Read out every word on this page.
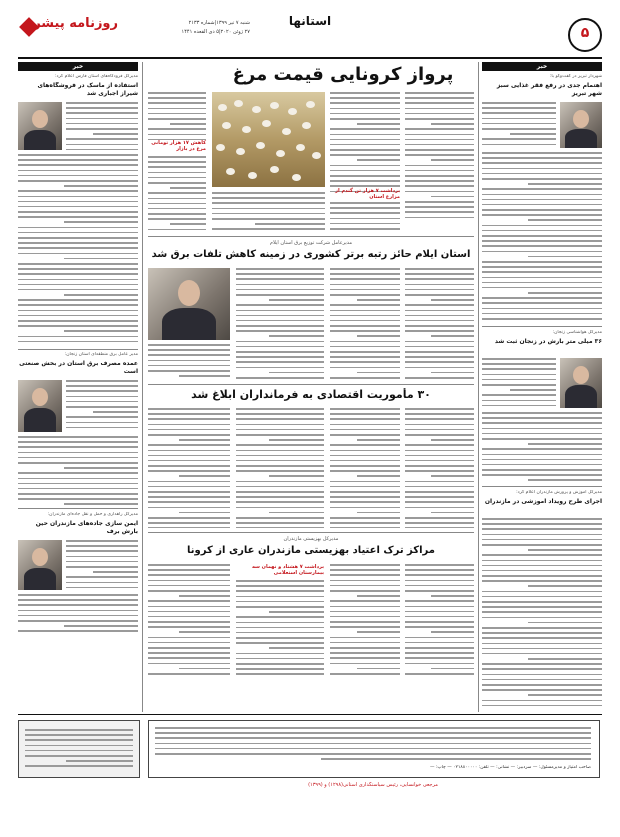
روزنامه پیشرو	شنبه ۷ تیر ۱۳۹۹|شماره ۲۱۳۳
۲۷ ژوئن ۲۰۲۰|۵ ذی القعده ۱۴۴۱
استانها
۵
خبر	خبر
پرواز کرونایی قیمت مرغ
برداشت ۷ هزار تن گندم از مزارع استان
کاهش ۱۷ هزار تومانی مرغ در بازار
مدیرکل فرودگاه‌های استان فارس اعلام کرد:
استفاده از ماسک در فروشگاه‌های شیراز اجباری شد
مدیر عامل برق منطقه‌ای استان زنجان:
عمده مصرف برق استان در بخش صنعتی است
مدیرکل راهداری و حمل و نقل جاده‌ای مازندران:
ایمن سازی جاده‌های مازندران حین بارش برف
شهردار تبریز در گفت‌وگو با:
اهتمام جدی در رفع فقر غذایی سبز شهر تبریز
مدیرکل هواشناسی زنجان:
۳۶ میلی متر بارش در زنجان ثبت شد
مدیرکل آموزش و پرورش مازندران اعلام کرد:
اجرای طرح رویداد آموزشی در مازندران
مدیرعامل شرکت توزیع برق استان ایلام
استان ایلام حائز رتبه برتر کشوری در زمینه کاهش تلفات برق شد
۳۰ مأموریت اقتصادی به فرمانداران ابلاغ شد
مدیرکل بهزیستی مازندران
مراکز ترک اعتیاد بهزیستی مازندران عاری از کرونا
برداشت ۷ هشتاد و نهمان سه بیمارستان استعلامی
صاحب امتیاز و مدیرمسئول: — سردبیر: — نشانی: — تلفن: ۰۲۱۸۸۰۰۰۰۰ — چاپ: —
مرجعی خوانسایی، رئیس سیاستگذاری استانی(۱۲۹۸) و (۱۳۹۹)
